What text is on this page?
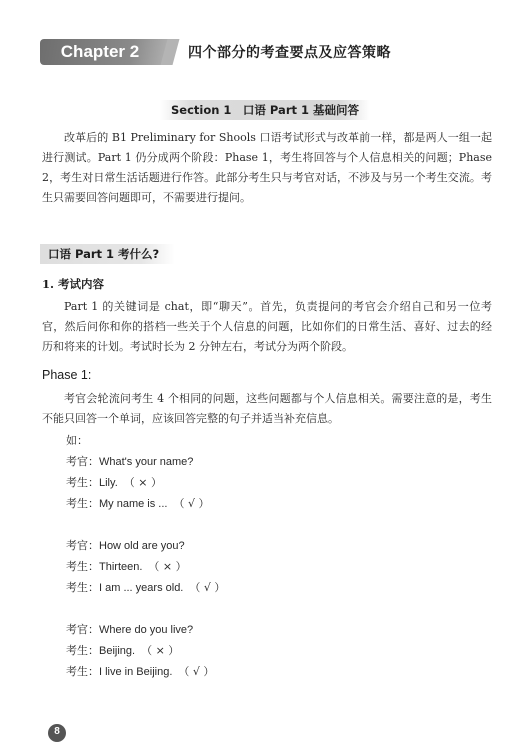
Chapter 2	四个部分的考查要点及应答策略
Section 1　口语 Part 1 基础问答
改革后的 B1 Preliminary for Shools 口语考试形式与改革前一样，都是两人一组一起进行测试。Part 1 仍分成两个阶段：Phase 1，考生将回答与个人信息相关的问题；Phase 2，考生对日常生活话题进行作答。此部分考生只与考官对话，不涉及与另一个考生交流。考生只需要回答问题即可，不需要进行提问。
口语 Part 1 考什么?
1. 考试内容
Part 1 的关键词是 chat，即“聊天”。首先，负责提问的考官会介绍自己和另一位考官，然后问你和你的搭档一些关于个人信息的问题，比如你们的日常生活、喜好、过去的经历和将来的计划。考试时长为 2 分钟左右，考试分为两个阶段。
Phase 1:
考官会轮流问考生 4 个相同的问题，这些问题都与个人信息相关。需要注意的是，考生不能只回答一个单词，应该回答完整的句子并适当补充信息。
如：
考官：What's your name?
考生：Lily. （ × ）
考生：My name is ... （ √ ）
考官：How old are you?
考生：Thirteen. （ × ）
考生：I am ... years old. （ √ ）
考官：Where do you live?
考生：Beijing. （ × ）
考生：I live in Beijing. （ √ ）
8
